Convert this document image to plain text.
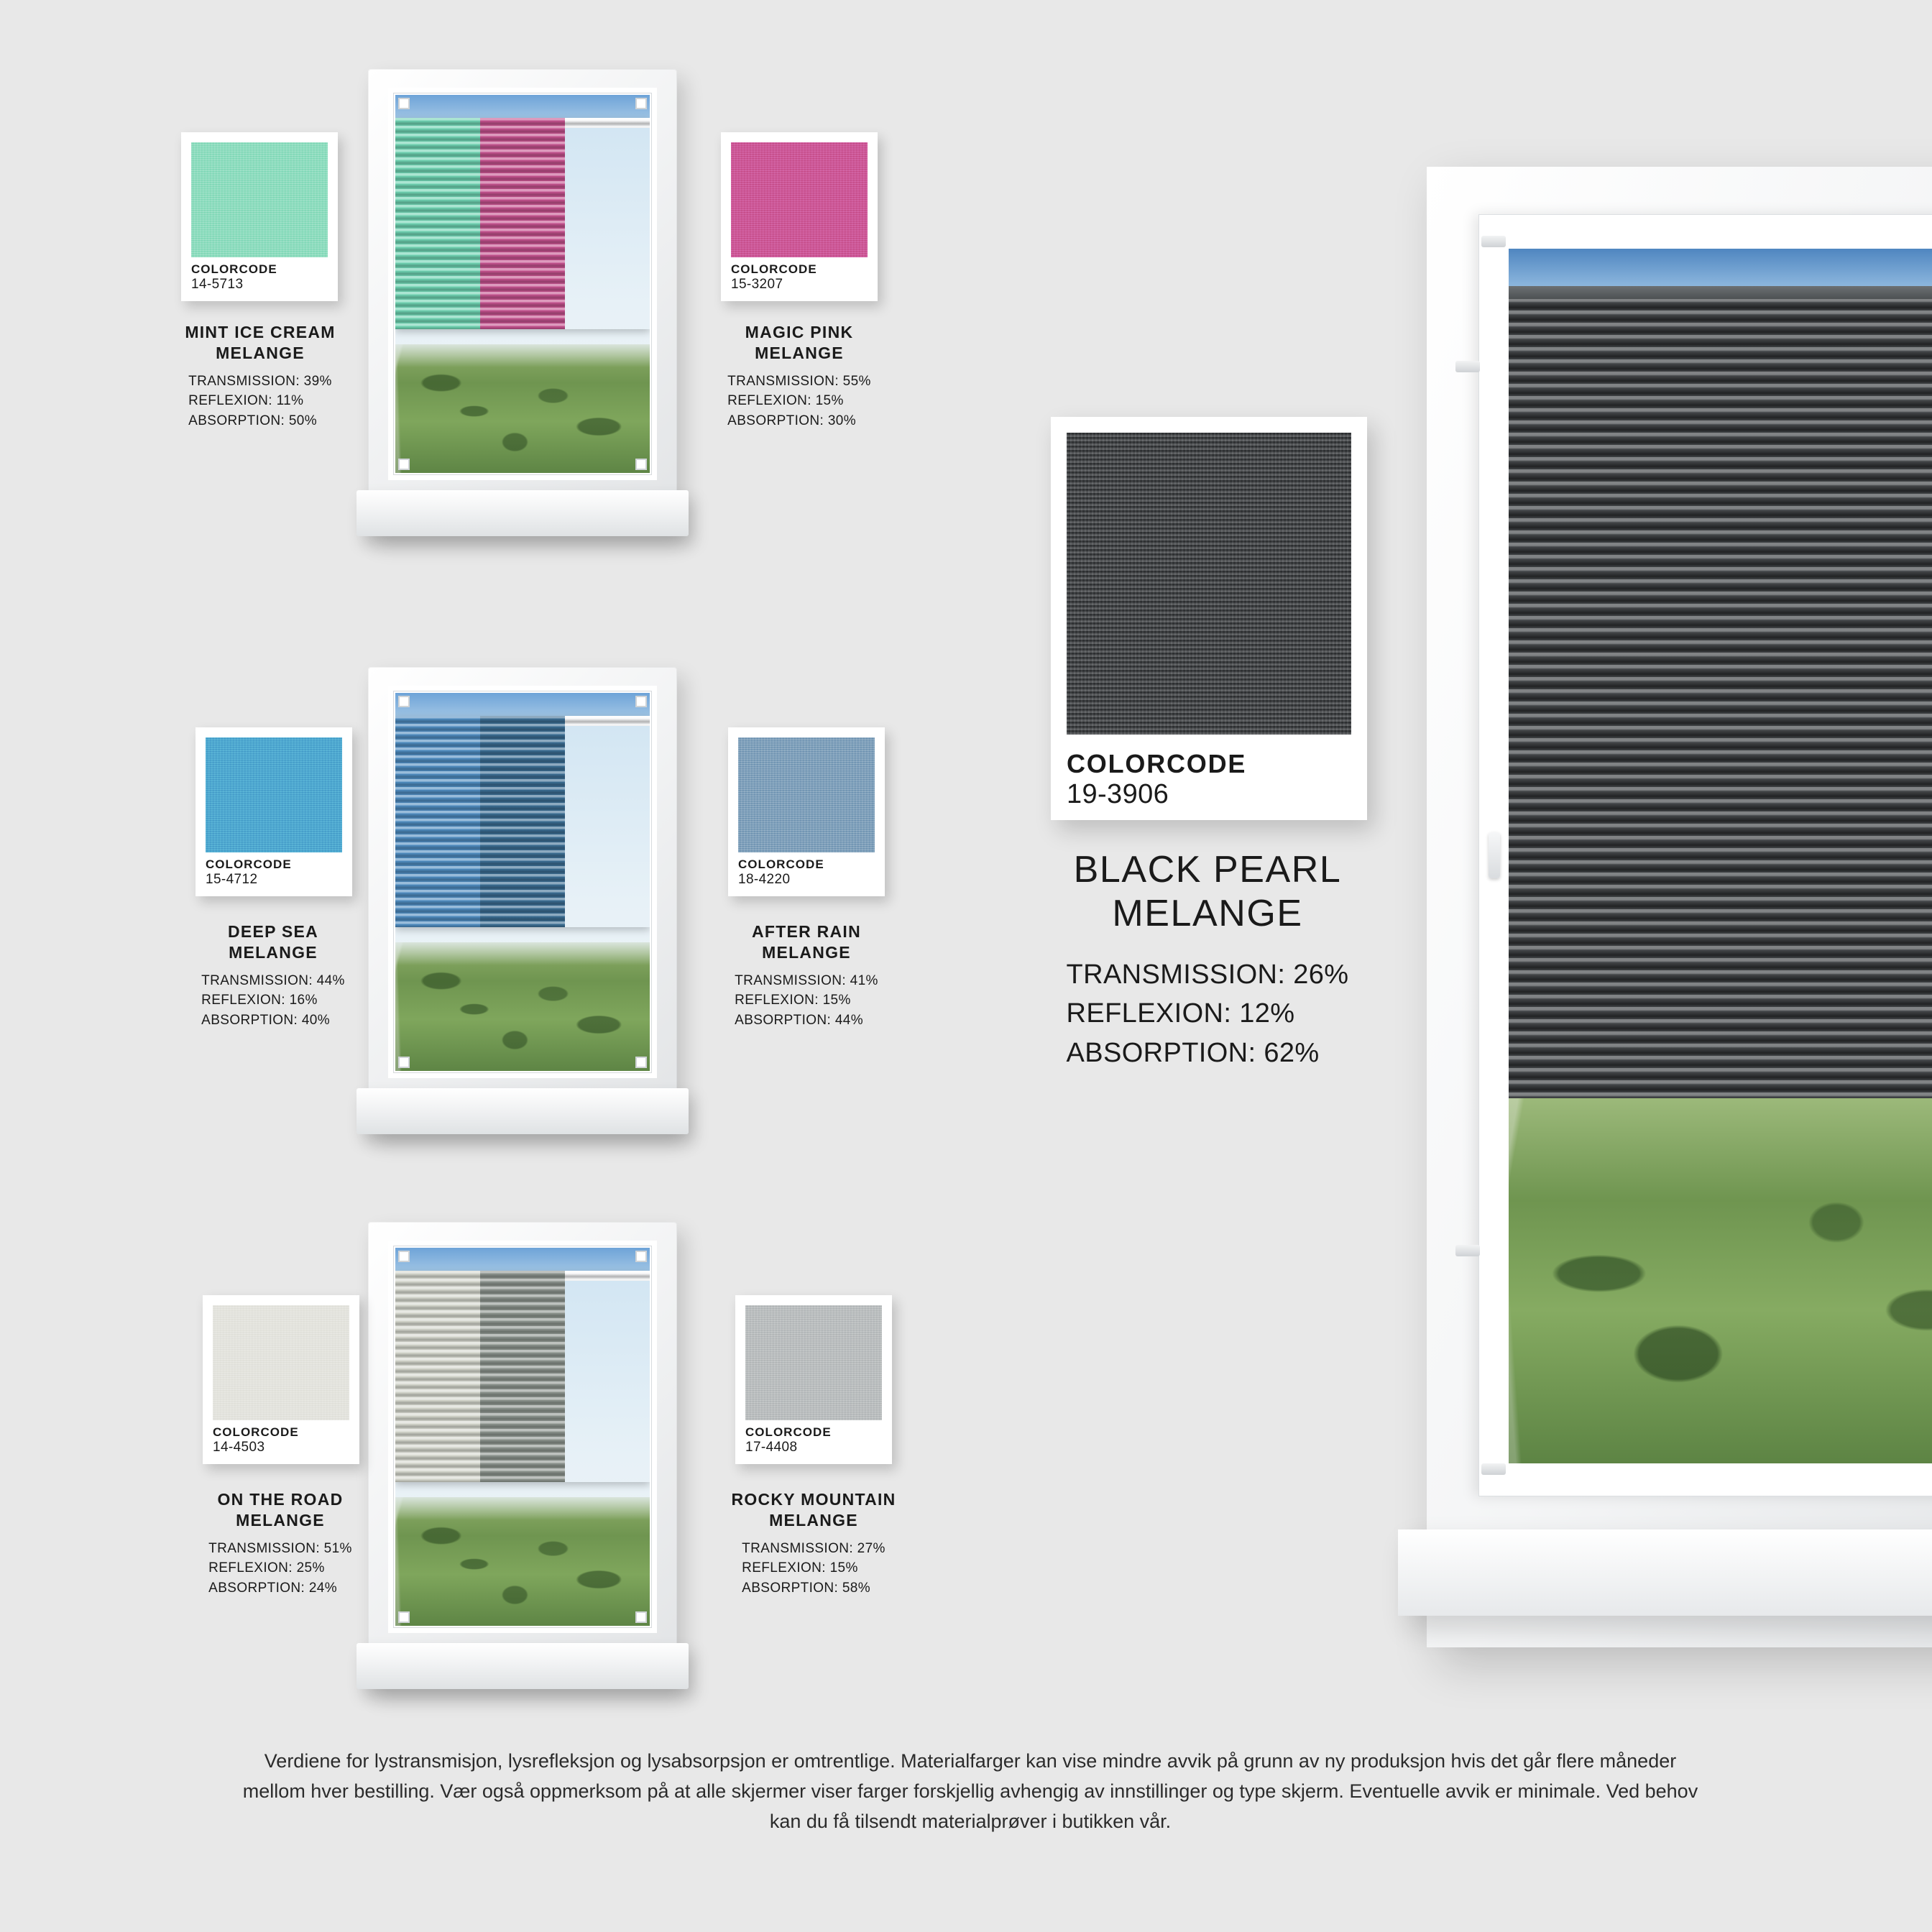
COLORCODE
14-5713
MINT ICE CREAM
MELANGE
TRANSMISSION: 39%
REFLEXION: 11%
ABSORPTION: 50%
COLORCODE
15-3207
MAGIC PINK
MELANGE
TRANSMISSION: 55%
REFLEXION: 15%
ABSORPTION: 30%
COLORCODE
15-4712
DEEP SEA
MELANGE
TRANSMISSION: 44%
REFLEXION: 16%
ABSORPTION: 40%
COLORCODE
18-4220
AFTER RAIN
MELANGE
TRANSMISSION: 41%
REFLEXION: 15%
ABSORPTION: 44%
COLORCODE
14-4503
ON THE ROAD
MELANGE
TRANSMISSION: 51%
REFLEXION: 25%
ABSORPTION: 24%
COLORCODE
17-4408
ROCKY MOUNTAIN
MELANGE
TRANSMISSION: 27%
REFLEXION: 15%
ABSORPTION: 58%
COLORCODE
19-3906
BLACK PEARL
MELANGE
TRANSMISSION: 26%
REFLEXION: 12%
ABSORPTION: 62%
Verdiene for lystransmisjon, lysrefleksjon og lysabsorpsjon er omtrentlige. Materialfarger kan vise mindre avvik på grunn av ny produksjon hvis det går flere måneder mellom hver bestilling. Vær også oppmerksom på at alle skjermer viser farger forskjellig avhengig av innstillinger og type skjerm. Eventuelle avvik er minimale. Ved behov kan du få tilsendt materialprøver i butikken vår.
